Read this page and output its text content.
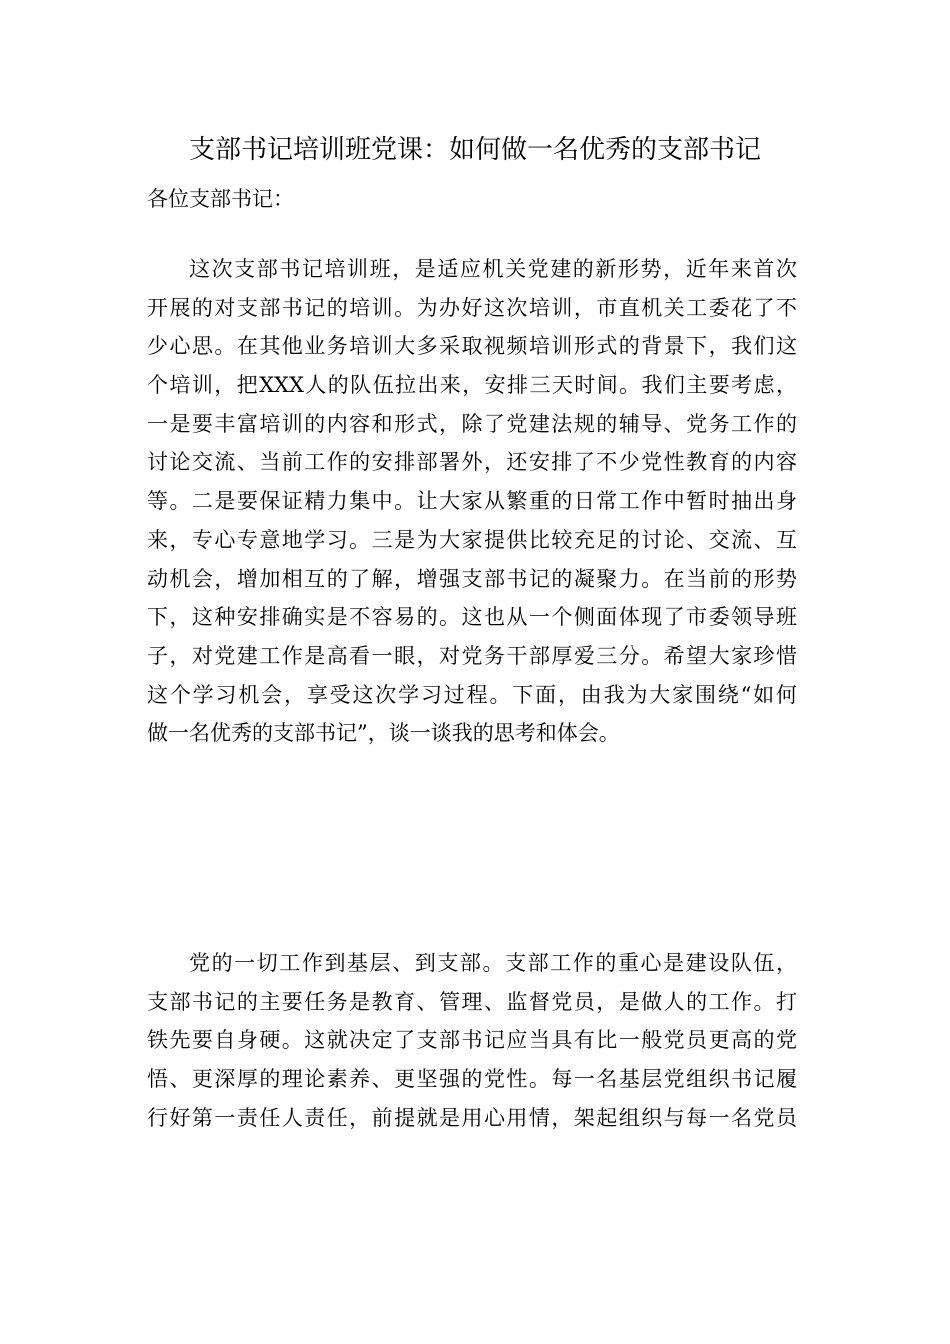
支部书记培训班党课：如何做一名优秀的支部书记
各位支部书记：
这次支部书记培训班，是适应机关党建的新形势，近年来首次
开展的对支部书记的培训。为办好这次培训，市直机关工委花了不
少心思。在其他业务培训大多采取视频培训形式的背景下，我们这
个培训，把XXX人的队伍拉出来，安排三天时间。我们主要考虑，
一是要丰富培训的内容和形式，除了党建法规的辅导、党务工作的
讨论交流、当前工作的安排部署外，还安排了不少党性教育的内容
等。二是要保证精力集中。让大家从繁重的日常工作中暂时抽出身
来，专心专意地学习。三是为大家提供比较充足的讨论、交流、互
动机会，增加相互的了解，增强支部书记的凝聚力。在当前的形势
下，这种安排确实是不容易的。这也从一个侧面体现了市委领导班
子，对党建工作是高看一眼，对党务干部厚爱三分。希望大家珍惜
这个学习机会，享受这次学习过程。下面，由我为大家围绕“如何
做一名优秀的支部书记”，谈一谈我的思考和体会。
党的一切工作到基层、到支部。支部工作的重心是建设队伍，
支部书记的主要任务是教育、管理、监督党员，是做人的工作。打
铁先要自身硬。这就决定了支部书记应当具有比一般党员更高的党
悟、更深厚的理论素养、更坚强的党性。每一名基层党组织书记履
行好第一责任人责任，前提就是用心用情，架起组织与每一名党员
